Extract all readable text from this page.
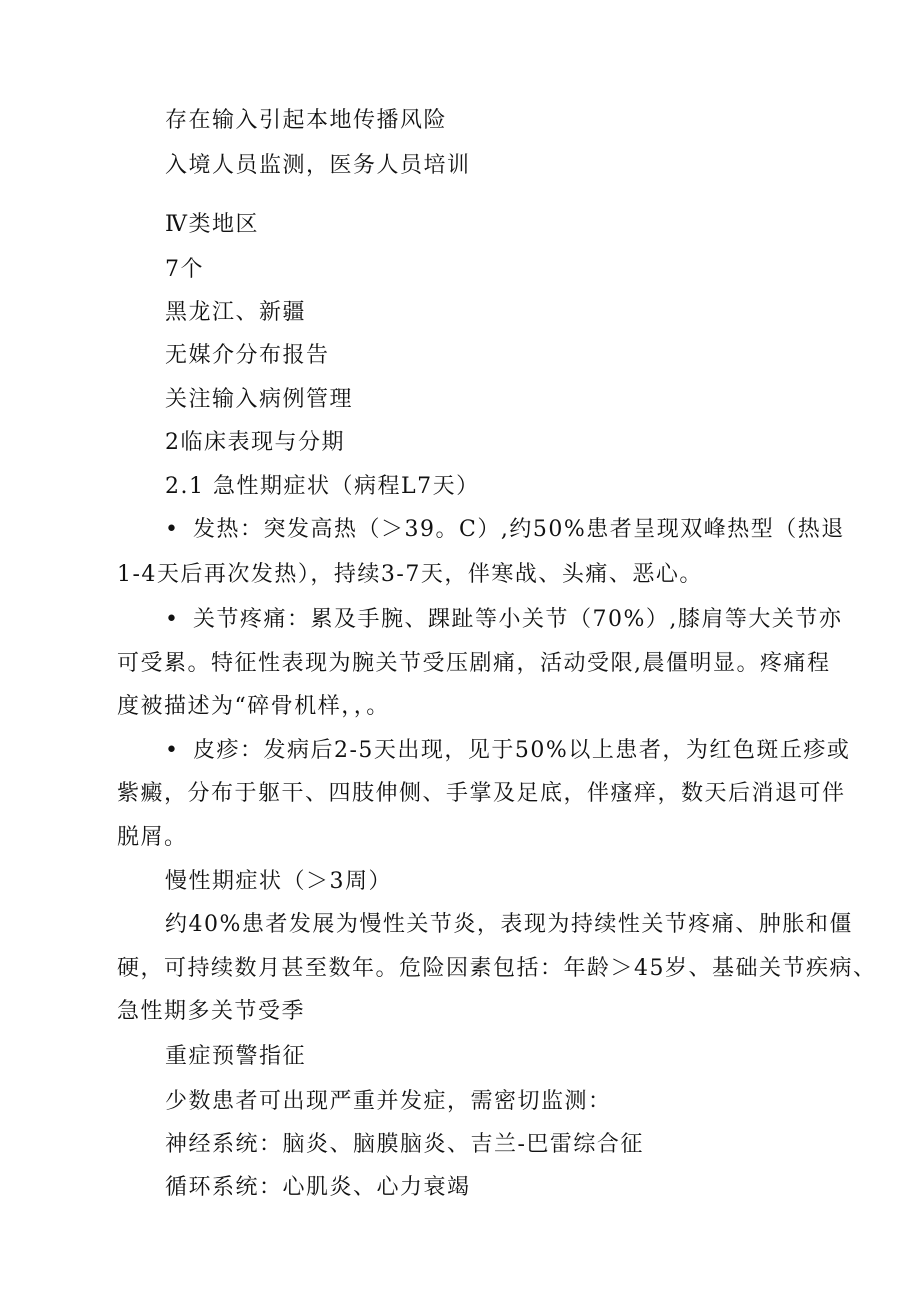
存在输入引起本地传播风险
入境人员监测，医务人员培训
Ⅳ类地区
7个
黑龙江、新疆
无媒介分布报告
关注输入病例管理
2临床表现与分期
2.1 急性期症状（病程L7天）
• 发热：突发高热（＞39。C）,约50%患者呈现双峰热型（热退
1-4天后再次发热），持续3-7天，伴寒战、头痛、恶心。
• 关节疼痛：累及手腕、踝趾等小关节（70%）,膝肩等大关节亦
可受累。特征性表现为腕关节受压剧痛，活动受限,晨僵明显。疼痛程
度被描述为“碎骨机样，，。
• 皮疹：发病后2-5天出现，见于50%以上患者，为红色斑丘疹或
紫癜，分布于躯干、四肢伸侧、手掌及足底，伴瘙痒，数天后消退可伴
脱屑。
慢性期症状（＞3周）
约40%患者发展为慢性关节炎，表现为持续性关节疼痛、肿胀和僵
硬，可持续数月甚至数年。危险因素包括：年龄＞45岁、基础关节疾病、
急性期多关节受季
重症预警指征
少数患者可出现严重并发症，需密切监测：
神经系统：脑炎、脑膜脑炎、吉兰-巴雷综合征
循环系统：心肌炎、心力衰竭
